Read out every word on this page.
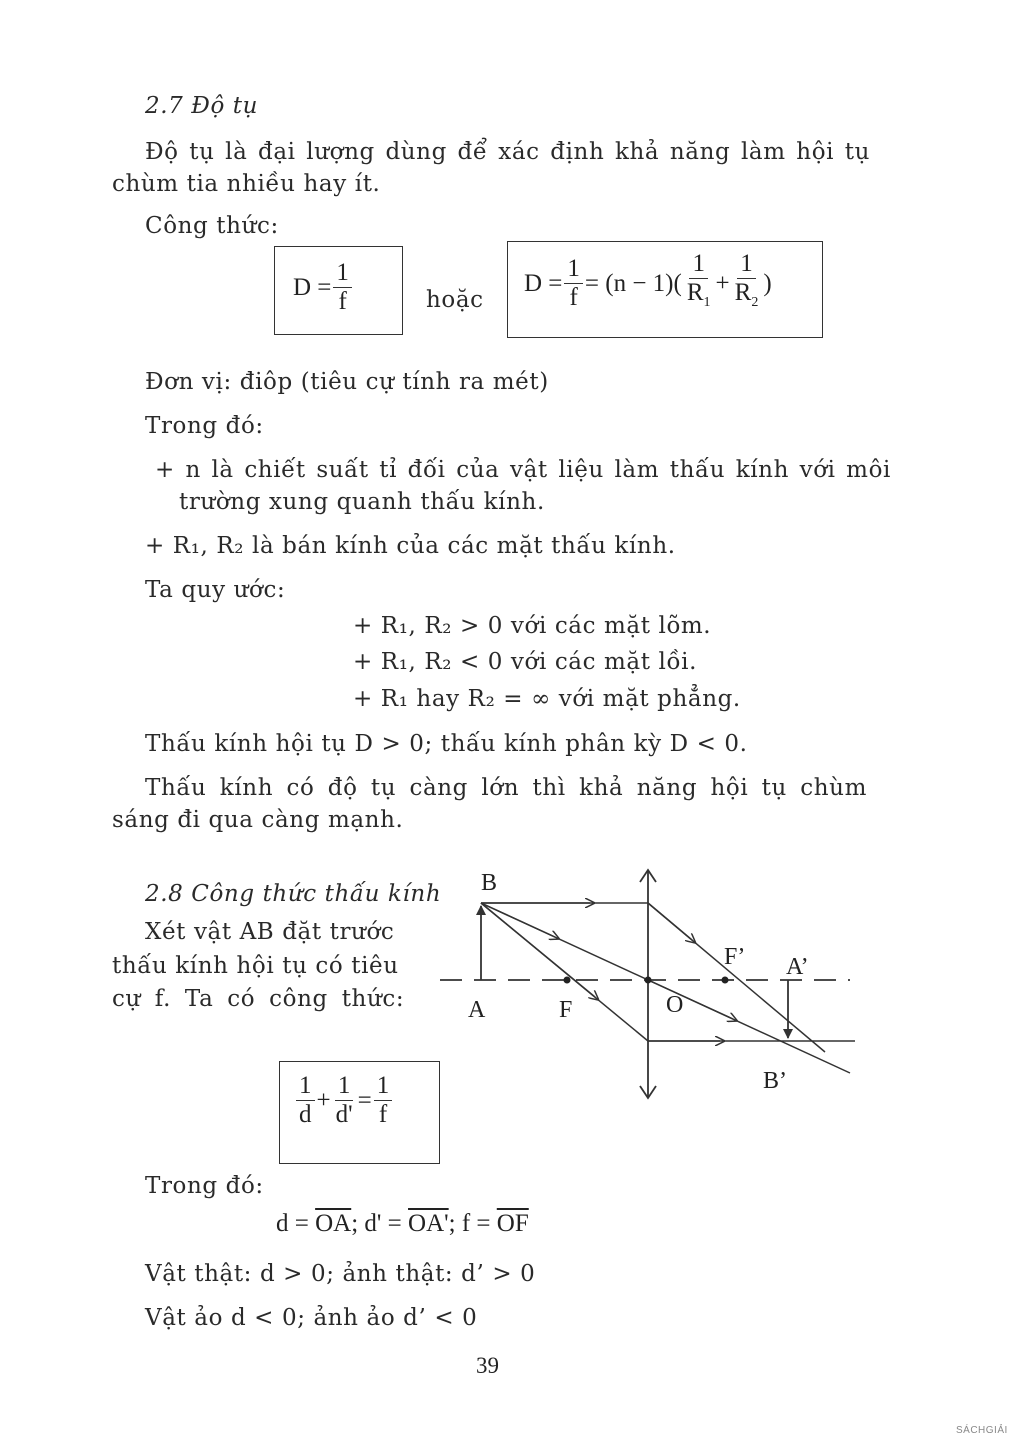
2.7 Độ tụ
Độ tụ là đại lượng dùng để xác định khả năng làm hội tụ chùm tia nhiều hay ít.
Công thức:
$D = \frac{1}{f}$	hoặc
$D = \frac{1}{f} = (n - 1)( \frac{1}{R_1} + \frac{1}{R_2}$ )
Đơn vị: điôp (tiêu cự tính ra mét)
Trong đó:
+ n là chiết suất tỉ đối của vật liệu làm thấu kính với môi trường xung quanh thấu kính.
+ R₁, R₂ là bán kính của các mặt thấu kính.
Ta quy ước:
+ R₁, R₂ > 0 với các mặt lõm.
+ R₁, R₂ < 0 với các mặt lồi.
+ R₁ hay R₂ = ∞ với mặt phẳng.
Thấu kính hội tụ D > 0; thấu kính phân kỳ D < 0.
Thấu kính có độ tụ càng lớn thì khả năng hội tụ chùm sáng đi qua càng mạnh.
2.8 Công thức thấu kính
Xét vật AB đặt trước
thấu kính hội tụ có tiêu
cự f. Ta có công thức:
$\frac{1}{d} + \frac{1}{d'} = \frac{1}{f}$
Trong đó:
$d = \overline{OA}$; d' = OA'; $f = \overline{OF}$
Vật thật: d > 0; ảnh thật: d’ > 0
Vật ảo d < 0; ảnh ảo d’ < 0
B
A	F	O
F’ A’
B’
39
SÁCHGIẢI
